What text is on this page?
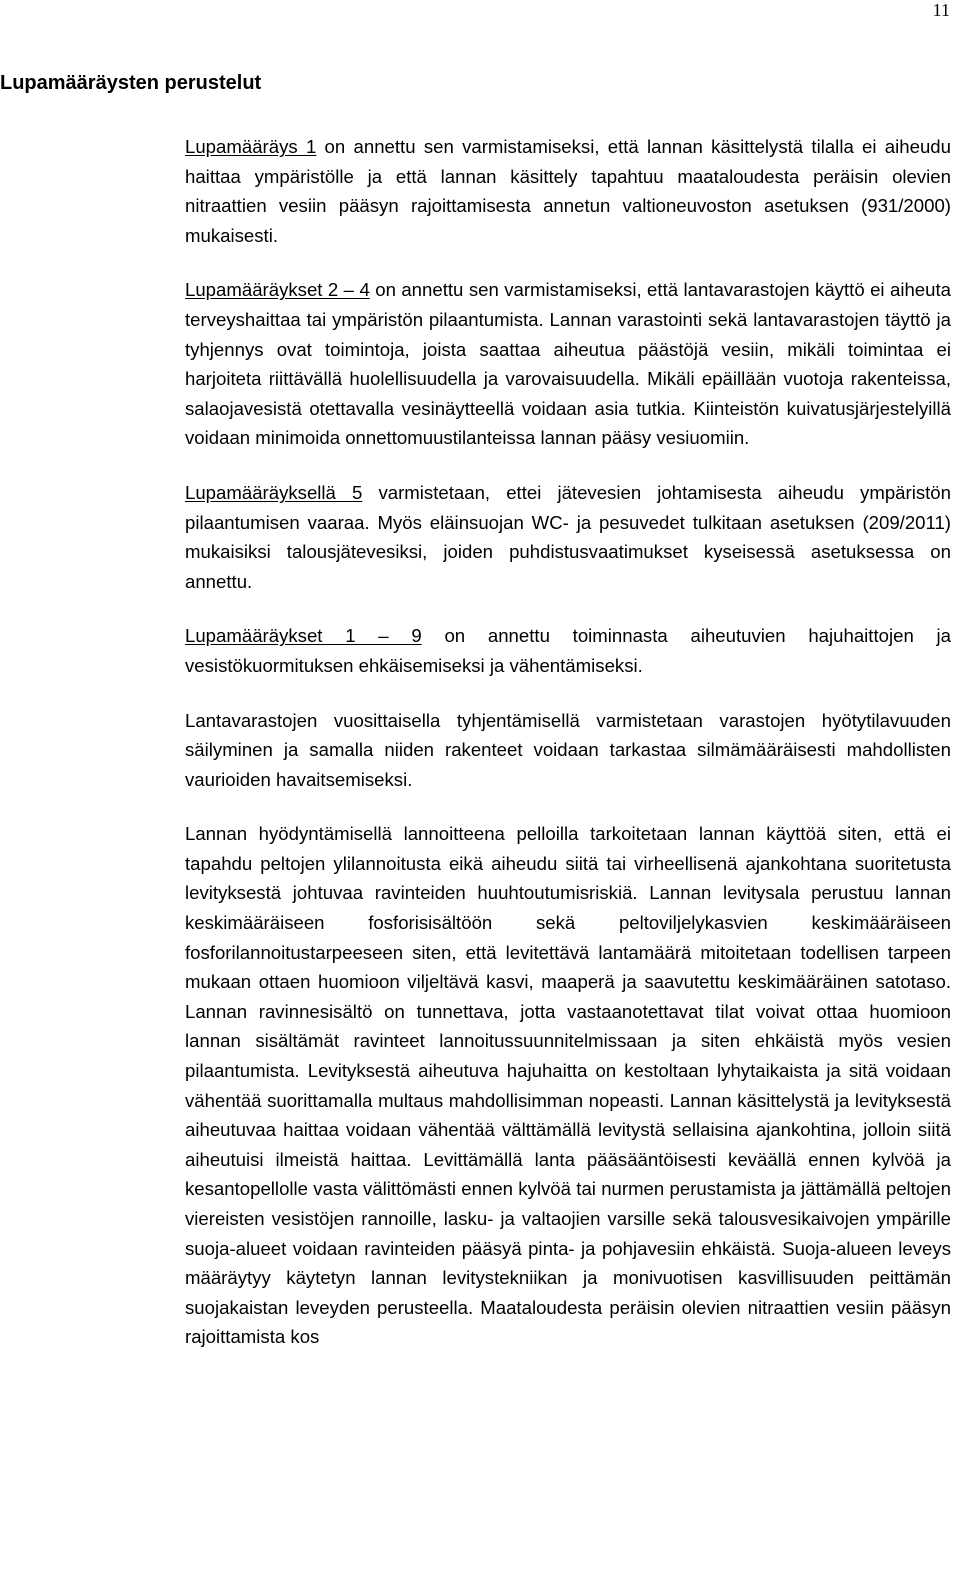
11
Lupamääräysten perustelut

Lupamääräys 1 on annettu sen varmistamiseksi, että lannan käsittelystä tilalla ei aiheudu haittaa ympäristölle ja että lannan käsittely tapahtuu maataloudesta peräisin olevien nitraattien vesiin pääsyn rajoittamisesta annetun valtioneuvoston asetuksen (931/2000) mukaisesti.

Lupamääräykset 2 – 4 on annettu sen varmistamiseksi, että lantavarastojen käyttö ei aiheuta terveyshaittaa tai ympäristön pilaantumista. Lannan varastointi sekä lantavarastojen täyttö ja tyhjennys ovat toimintoja, joista saattaa aiheutua päästöjä vesiin, mikäli toimintaa ei harjoiteta riittävällä huolellisuudella ja varovaisuudella. Mikäli epäillään vuotoja rakenteissa, salaojavesistä otettavalla vesinäytteellä voidaan asia tutkia. Kiinteistön kuivatusjärjestelyillä voidaan minimoida onnettomuustilanteissa lannan pääsy vesiuomiin.

Lupamääräyksellä 5 varmistetaan, ettei jätevesien johtamisesta aiheudu ympäristön pilaantumisen vaaraa. Myös eläinsuojan WC- ja pesuvedet tulkitaan asetuksen (209/2011) mukaisiksi talousjätevesiksi, joiden puhdistusvaatimukset kyseisessä asetuksessa on annettu.

Lupamääräykset 1 – 9 on annettu toiminnasta aiheutuvien hajuhaittojen ja vesistökuormituksen ehkäisemiseksi ja vähentämiseksi.

Lantavarastojen vuosittaisella tyhjentämisellä varmistetaan varastojen hyötytilavuuden säilyminen ja samalla niiden rakenteet voidaan tarkastaa silmämääräisesti mahdollisten vaurioiden havaitsemiseksi.

Lannan hyödyntämisellä lannoitteena pelloilla tarkoitetaan lannan käyttöä siten, että ei tapahdu peltojen ylilannoitusta eikä aiheudu siitä tai virheellisenä ajankohtana suoritetusta levityksestä johtuvaa ravinteiden huuhtoutumisriskiä. Lannan levitysala perustuu lannan keskimääräiseen fosforisisältöön sekä peltoviljelykasvien keskimääräiseen fosforilannoitustarpeeseen siten, että levitettävä lantamäärä mitoitetaan todellisen tarpeen mukaan ottaen huomioon viljeltävä kasvi, maaperä ja saavutettu keskimääräinen satotaso. Lannan ravinnesisältö on tunnettava, jotta vastaanotettavat tilat voivat ottaa huomioon lannan sisältämät ravinteet lannoitussuunnitelmissaan ja siten ehkäistä myös vesien pilaantumista. Levityksestä aiheutuva hajuhaitta on kestoltaan lyhytaikaista ja sitä voidaan vähentää suorittamalla multaus mahdollisimman nopeasti. Lannan käsittelystä ja levityksestä aiheutuvaa haittaa voidaan vähentää välttämällä levitystä sellaisina ajankohtina, jolloin siitä aiheutuisi ilmeistä haittaa. Levittämällä lanta pääsääntöisesti keväällä ennen kylvöä ja kesantopellolle vasta välittömästi ennen kylvöä tai nurmen perustamista ja jättämällä peltojen viereisten vesistöjen rannoille, lasku- ja valtaojien varsille sekä talousvesikaivojen ympärille suoja-alueet voidaan ravinteiden pääsyä pinta- ja pohjavesiin ehkäistä. Suoja-alueen leveys määräytyy käytetyn lannan levitystekniikan ja monivuotisen kasvillisuuden peittämän suojakaistan leveyden perusteella. Maataloudesta peräisin olevien nitraattien vesiin pääsyn rajoittamista kos
